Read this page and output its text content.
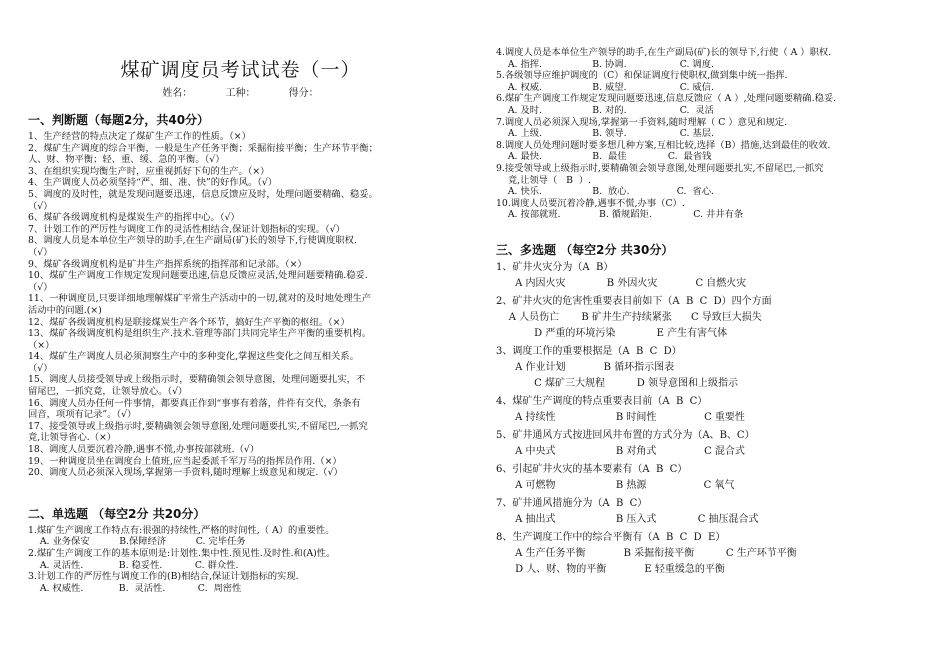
煤矿调度员考试试卷（一）
姓名： 工种： 得分：
一、判断题（每题2分，共40分）
1、生产经营的特点决定了煤矿生产工作的性质。（×）
2、煤矿生产调度的综合平衡，一般是生产任务平衡；采掘衔接平衡；生产环节平衡；
人、财、物平衡；轻、重、缓、急的平衡。（√）
3、在组织实现均衡生产时，应重视抓好下旬的生产。（×）
4、生产调度人员必须坚持“严、细、准、快”的好作风。（√）
5、调度的及时性，就是发现问题要迅速，信息反馈应及时，处理问题要精确、稳妥。
（√）
6、煤矿各级调度机构是煤炭生产的指挥中心。（√）
7、计划工作的严厉性与调度工作的灵活性相结合,保证计划指标的实现。（√）
8、调度人员是本单位生产领导的助手,在生产副局(矿)长的领导下,行使调度职权.
（√）
9、煤矿各级调度机构是矿井生产指挥系统的指挥部和记录部。（×）
10、煤矿生产调度工作规定发现问题要迅速,信息反馈应灵活,处理问题要精确.稳妥.
（√）
11、一种调度员,只要详细地理解煤矿平常生产活动中的一切,就对的及时地处理生产
活动中的问题.(×)
12、煤矿各级调度机构是联接煤炭生产各个环节，搞好生产平衡的枢纽。（×）
13、煤矿各级调度机构是组织生产.技术.管理等部门共同完毕生产平衡的重要机构。
（×）
14、煤矿生产调度人员必须洞察生产中的多种变化,掌握这些变化之间互相关系。
（√）
15、调度人员接受领导或上级指示时，要精确领会领导意图，处理问题要扎实，不
留尾巴，一抓究竟，让领导放心。（√）
16、调度人员办任何一件事情，都要真正作到“事事有着落，件件有交代，条条有
回音，项项有记录”。（√）
17、接受领导或上级指示时,要精确领会领导意图,处理问题要扎实,不留尾巴,一抓究
竟,让领导省心.（×）
18、调度人员要沉着冷静,遇事不慌,办事按部就班.（√）
19、一种调度员坐在调度台上值班,应当起委派千军万马的指挥员作用.（×）
20、调度人员必须深入现场,掌握第一手资料,随时理解上级意见和规定.（√）
二、单选题 （每空2分 共20分）
1.煤矿生产调度工作特点有:很强的持续性,严格的时间性,（ A）的重要性。
A. 业务保安          B.保障经济          C. 完毕任务
2.煤矿生产调度工作的基本原则是:计划性.集中性.预见性.及时性.和(A)性。
A. 灵活性.            B. 稳妥性.           C. 群众性.
3.计划工作的严厉性与调度工作的(B)相结合,保证计划指标的实现.
A. 权威性.            B.  灵活性.           C.  周密性
4.调度人员是本单位生产领导的助手,在生产副局(矿)长的领导下,行使（ A ）职权.
A. 指挥.                 B. 协调.                  C. 调度.
5.各级领导应维护调度的（C）和保证调度行使职权,做到集中统一指挥.
A. 权威.                 B. 威望.                  C. 威信.
6.煤矿生产调度工作规定发现问题要迅速,信息反馈应（ A ）,处理问题要精确.稳妥.
A. 及时.                 B. 对的.                  C.  灵活
7.调度人员必须深入现场,掌握第一手资料,随时理解（ C ）意见和规定.
A. 上级.                 B. 领导.                  C. 基层.
8.调度人员处理问题时要多想几种方案,互相比较,选择（B）措施,达到最佳的收效.
A. 最快.                 B.  最佳              C.  最省钱
9.接受领导或上级指示时,要精确领会领导意图,处理问题要扎实,不留尾巴,一抓究
竟,让领导（   B  ）.
A. 快乐.                 B.  放心.                C.  省心.
10.调度人员要沉着冷静,遇事不慌,办事（C）.
A. 按部就班.             B. 循规蹈矩.              C. 井井有条
三、多选题 （每空2分 共30分）
1、矿井火灾分为（A  B）
A 内因火灾             B 外因火灾            C 自燃火灾
2、矿井火灾的危害性重要表目前如下（A  B  C  D）四个方面
A 人员伤亡       B 矿井生产持续紧张      C 导致巨大损失
D 严重的环境污染             E 产生有害气体
3、调度工作的重要根据是（A  B  C  D）
A 作业计划            B 循环指示图表
C 煤矿三大规程          D 领导意图和上级指示
4、煤矿生产调度的特点重要表目前（A  B  C）
A 持续性                   B 时间性               C 重要性
5、矿井通风方式按进回风井布置的方式分为（A、B、C）
A 中央式                   B 对角式               C 混合式
6、引起矿井火灾的基本要素有（A  B  C）
A 可燃物                   B 热源                  C 氧气
7、矿井通风措施分为（A  B  C）
A 抽出式                   B 压入式             C 抽压混合式
8、生产调度工作中的综合平衡有（A  B  C  D  E）
A 生产任务平衡            B 采掘衔接平衡          C 生产环节平衡
D 人、财、物的平衡            E 轻重缓急的平衡
